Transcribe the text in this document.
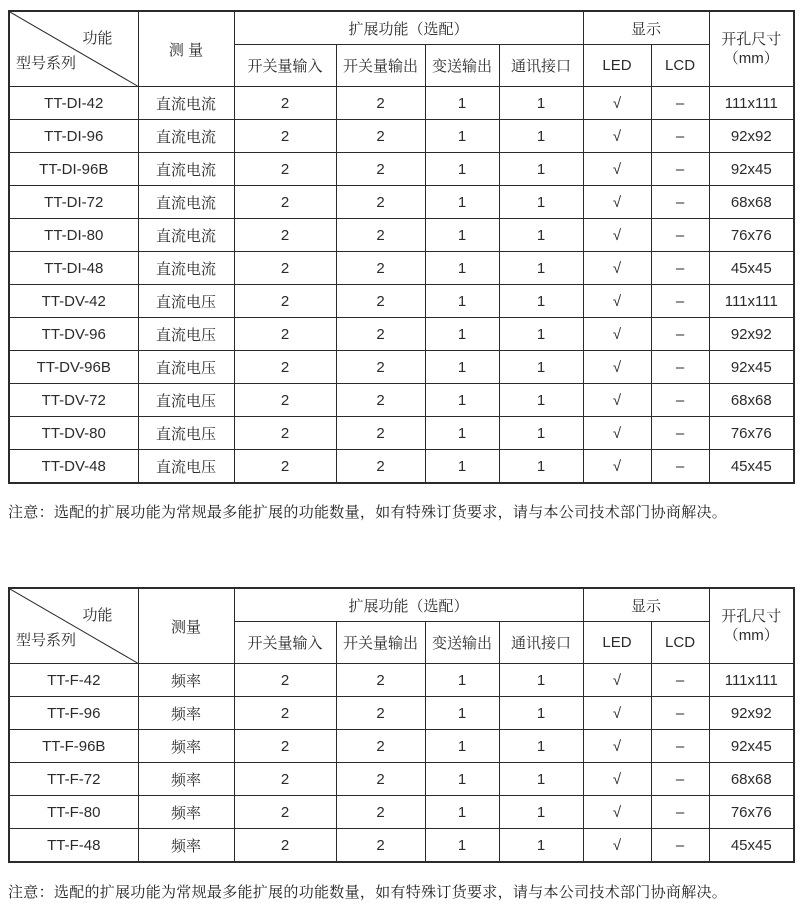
功能
型号系列
	测 量	扩展功能（选配）	显示	
开孔尺寸
（mm）

		开关量输入	开关量输出	变送输出	通讯接口	LED	LCD	
TT-DI-42	直流电流	2	2	1	1	√	–	111x111
TT-DI-96	直流电流	2	2	1	1	√	–	92x92
TT-DI-96B	直流电流	2	2	1	1	√	–	92x45
TT-DI-72	直流电流	2	2	1	1	√	–	68x68
TT-DI-80	直流电流	2	2	1	1	√	–	76x76
TT-DI-48	直流电流	2	2	1	1	√	–	45x45
TT-DV-42	直流电压	2	2	1	1	√	–	111x111
TT-DV-96	直流电压	2	2	1	1	√	–	92x92
TT-DV-96B	直流电压	2	2	1	1	√	–	92x45
TT-DV-72	直流电压	2	2	1	1	√	–	68x68
TT-DV-80	直流电压	2	2	1	1	√	–	76x76
TT-DV-48	直流电压	2	2	1	1	√	–	45x45

注意：选配的扩展功能为常规最多能扩展的功能数量，如有特殊订货要求，请与本公司技术部门协商解决。

功能
型号系列
	测量	扩展功能（选配）	显示	
开孔尺寸
（mm）

		开关量输入	开关量输出	变送输出	通讯接口	LED	LCD	
TT-F-42	频率	2	2	1	1	√	–	111x111
TT-F-96	频率	2	2	1	1	√	–	92x92
TT-F-96B	频率	2	2	1	1	√	–	92x45
TT-F-72	频率	2	2	1	1	√	–	68x68
TT-F-80	频率	2	2	1	1	√	–	76x76
TT-F-48	频率	2	2	1	1	√	–	45x45

注意：选配的扩展功能为常规最多能扩展的功能数量，如有特殊订货要求，请与本公司技术部门协商解决。
